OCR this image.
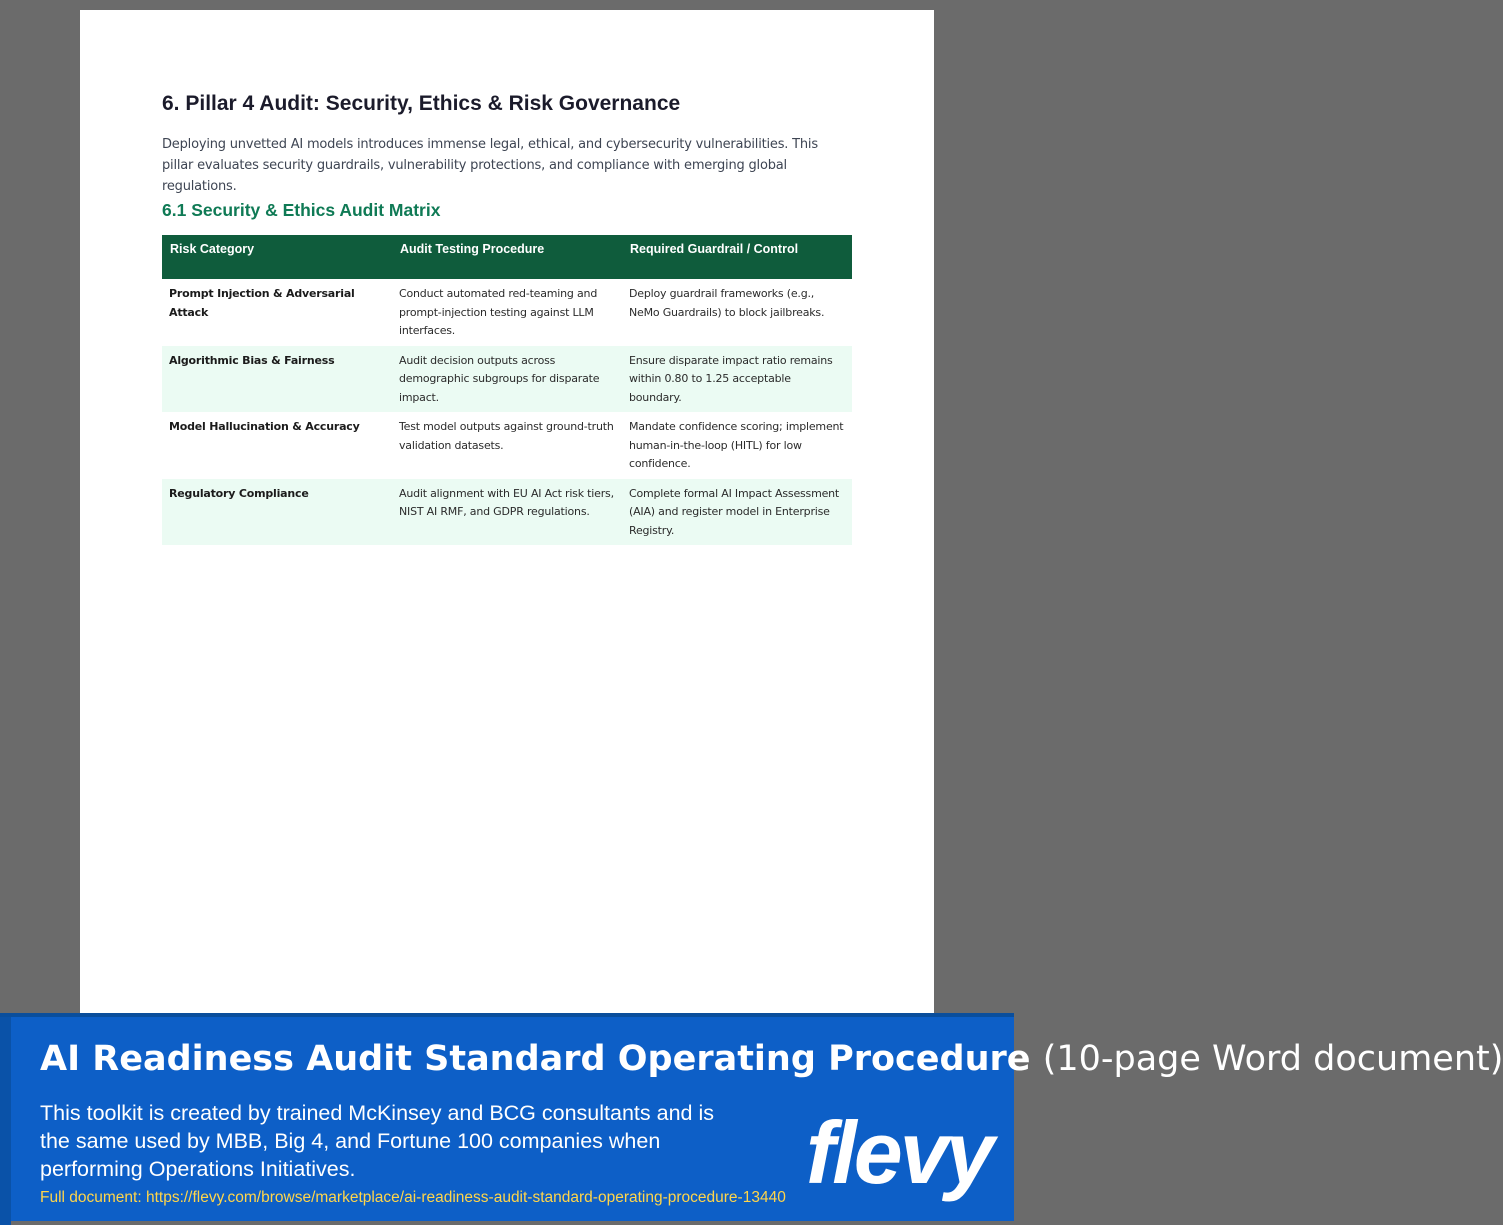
6. Pillar 4 Audit: Security, Ethics & Risk Governance

Deploying unvetted AI models introduces immense legal, ethical, and cybersecurity vulnerabilities. This pillar evaluates security guardrails, vulnerability protections, and compliance with emerging global regulations.

6.1 Security & Ethics Audit Matrix
Risk Category	Audit Testing Procedure	Required Guardrail / Control
Prompt Injection & Adversarial Attack	Conduct automated red-teaming and prompt-injection testing against LLM interfaces.	Deploy guardrail frameworks (e.g., NeMo Guardrails) to block jailbreaks.
Algorithmic Bias & Fairness	Audit decision outputs across demographic subgroups for disparate impact.	Ensure disparate impact ratio remains within 0.80 to 1.25 acceptable boundary.
Model Hallucination & Accuracy	Test model outputs against ground-truth validation datasets.	Mandate confidence scoring; implement human-in-the-loop (HITL) for low confidence.
Regulatory Compliance	Audit alignment with EU AI Act risk tiers, NIST AI RMF, and GDPR regulations.	Complete formal AI Impact Assessment (AIA) and register model in Enterprise Registry.
AI Readiness Audit Standard Operating Procedure (10-page Word document)

This toolkit is created by trained McKinsey and BCG consultants and is the same used by MBB, Big 4, and Fortune 100 companies when performing Operations Initiatives.

Full document: https://flevy.com/browse/marketplace/ai-readiness-audit-standard-operating-procedure-13440 flevy
